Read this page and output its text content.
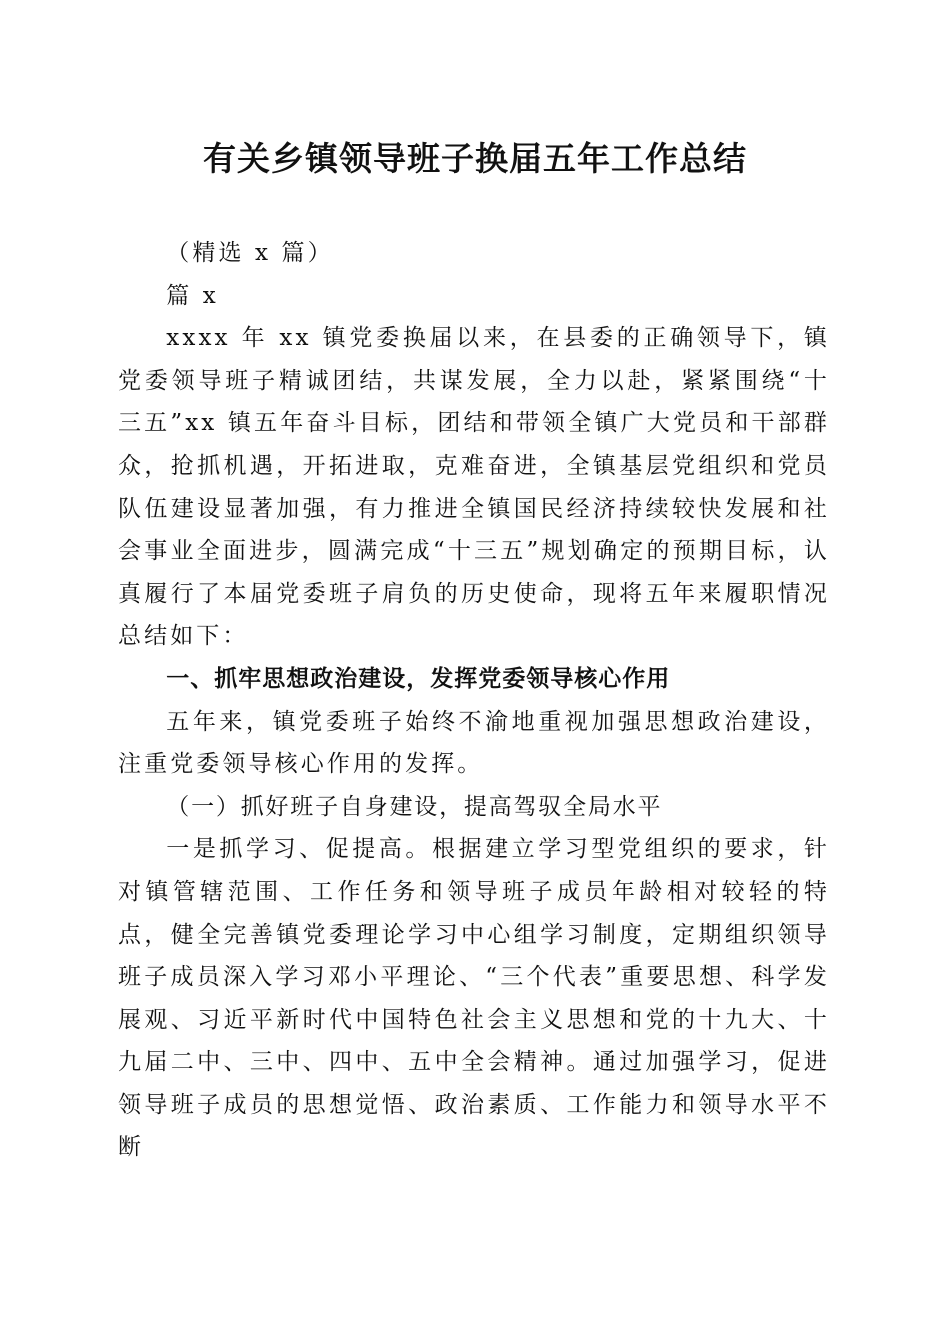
有关乡镇领导班子换届五年工作总结

（精选 x 篇）

篇 x

xxxx 年 xx 镇党委换届以来，在县委的正确领导下，镇党委领导班子精诚团结，共谋发展，全力以赴，紧紧围绕“十三五”xx 镇五年奋斗目标，团结和带领全镇广大党员和干部群众，抢抓机遇，开拓进取，克难奋进，全镇基层党组织和党员队伍建设显著加强，有力推进全镇国民经济持续较快发展和社会事业全面进步，圆满完成“十三五”规划确定的预期目标，认真履行了本届党委班子肩负的历史使命，现将五年来履职情况总结如下：

一、抓牢思想政治建设，发挥党委领导核心作用

五年来，镇党委班子始终不渝地重视加强思想政治建设，注重党委领导核心作用的发挥。

（一）抓好班子自身建设，提高驾驭全局水平

一是抓学习、促提高。根据建立学习型党组织的要求，针对镇管辖范围、工作任务和领导班子成员年龄相对较轻的特点，健全完善镇党委理论学习中心组学习制度，定期组织领导班子成员深入学习邓小平理论、“三个代表”重要思想、科学发展观、习近平新时代中国特色社会主义思想和党的十九大、十九届二中、三中、四中、五中全会精神。通过加强学习，促进领导班子成员的思想觉悟、政治素质、工作能力和领导水平不断
